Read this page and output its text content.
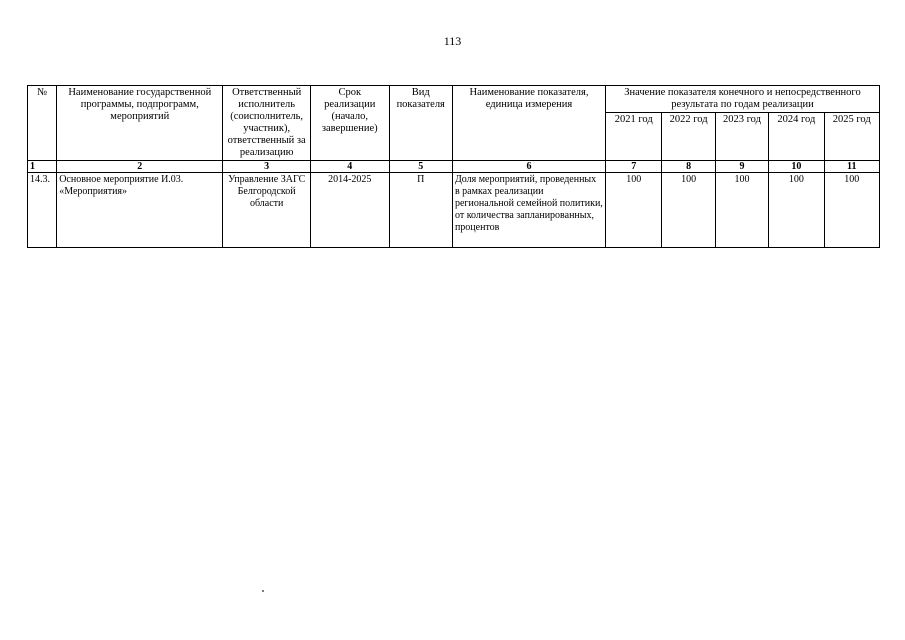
113
№	Наименование государственной программы, подпрограмм, мероприятий	Ответственный исполнитель (соисполнитель, участник), ответственный за реализацию	Срок реализации (начало, завершение)	Вид показателя	Наименование показателя, единица измерения	Значение показателя конечного и непосредственного результата по годам реализации				
						2021 год	2022 год	2023 год	2024 год	2025 год
1	2	3	4	5	6	7	8	9	10	11
14.3.	Основное мероприятие И.03. «Мероприятия»	Управление ЗАГС Белгородской области	2014-2025	П	Доля мероприятий, проведенных в рамках реализации региональной семейной политики, от количества запланированных, процентов	100	100	100	100	100
